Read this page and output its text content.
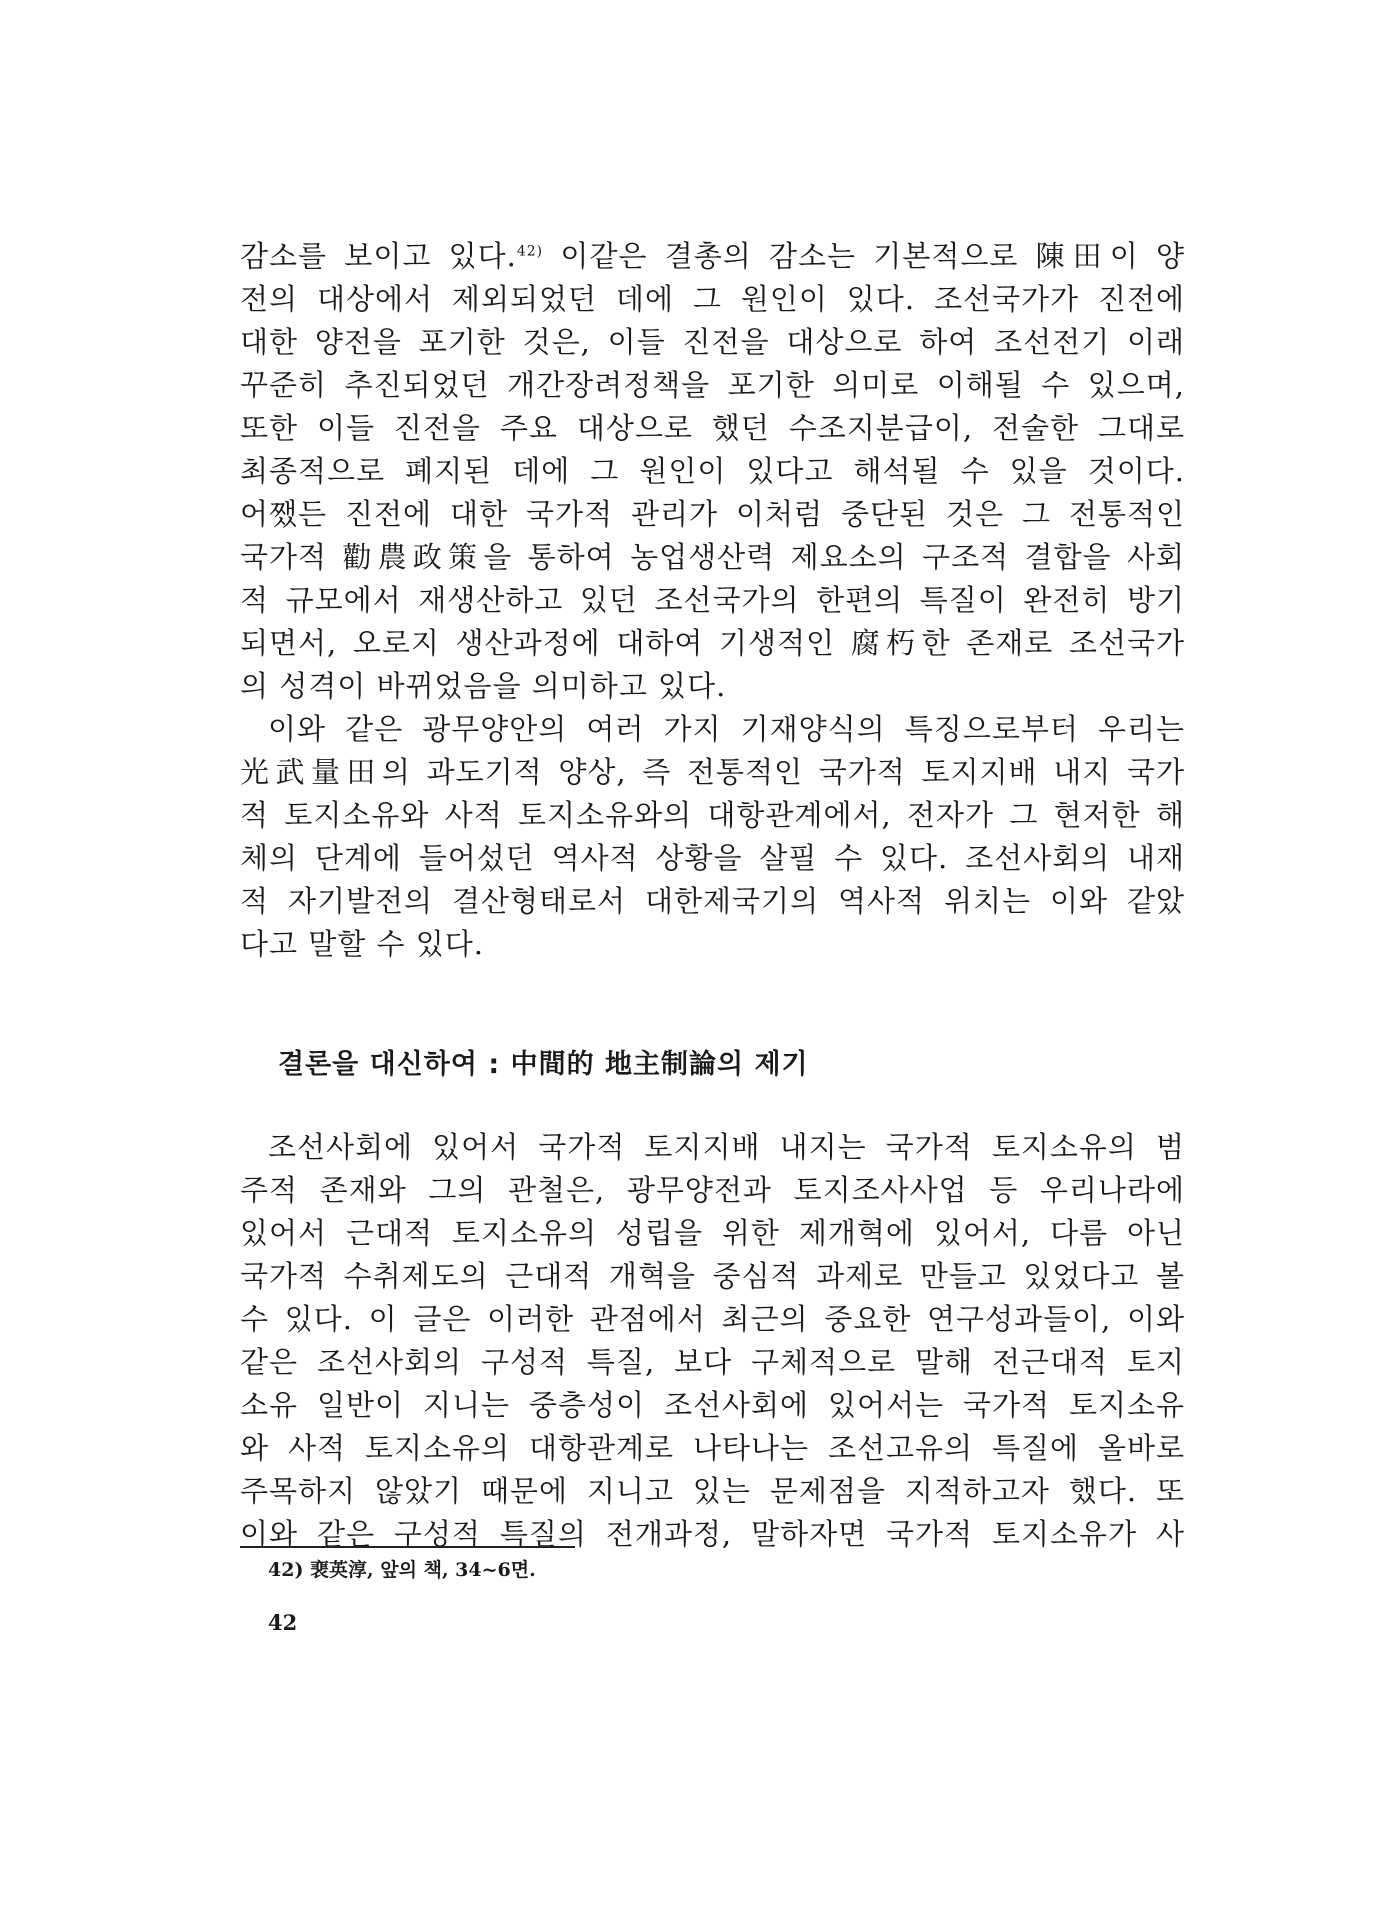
감소를 보이고 있다.$^{42)}$ 이같은 결총의 감소는 기본적으로 陳田이 양
전의 대상에서 제외되었던 데에 그 원인이 있다. 조선국가가 진전에
대한 양전을 포기한 것은, 이들 진전을 대상으로 하여 조선전기 이래
꾸준히 추진되었던 개간장려정책을 포기한 의미로 이해될 수 있으며,
또한 이들 진전을 주요 대상으로 했던 수조지분급이, 전술한 그대로
최종적으로 폐지된 데에 그 원인이 있다고 해석될 수 있을 것이다.
어쨌든 진전에 대한 국가적 관리가 이처럼 중단된 것은 그 전통적인
국가적 勸農政策을 통하여 농업생산력 제요소의 구조적 결합을 사회
적 규모에서 재생산하고 있던 조선국가의 한편의 특질이 완전히 방기
되면서, 오로지 생산과정에 대하여 기생적인 腐朽한 존재로 조선국가
의 성격이 바뀌었음을 의미하고 있다.
이와 같은 광무양안의 여러 가지 기재양식의 특징으로부터 우리는
光武量田의 과도기적 양상, 즉 전통적인 국가적 토지지배 내지 국가
적 토지소유와 사적 토지소유와의 대항관계에서, 전자가 그 현저한 해
체의 단계에 들어섰던 역사적 상황을 살필 수 있다. 조선사회의 내재
적 자기발전의 결산형태로서 대한제국기의 역사적 위치는 이와 같았
다고 말할 수 있다.
결론을 대신하여 : 中間的 地主制論의 제기
조선사회에 있어서 국가적 토지지배 내지는 국가적 토지소유의 범
주적 존재와 그의 관철은, 광무양전과 토지조사사업 등 우리나라에
있어서 근대적 토지소유의 성립을 위한 제개혁에 있어서, 다름 아닌
국가적 수취제도의 근대적 개혁을 중심적 과제로 만들고 있었다고 볼
수 있다. 이 글은 이러한 관점에서 최근의 중요한 연구성과들이, 이와
같은 조선사회의 구성적 특질, 보다 구체적으로 말해 전근대적 토지
소유 일반이 지니는 중층성이 조선사회에 있어서는 국가적 토지소유
와 사적 토지소유의 대항관계로 나타나는 조선고유의 특질에 올바로
주목하지 않았기 때문에 지니고 있는 문제점을 지적하고자 했다. 또
이와 같은 구성적 특질의 전개과정, 말하자면 국가적 토지소유가 사
42) 裵英淳, 앞의 책, 34~6면.
42
